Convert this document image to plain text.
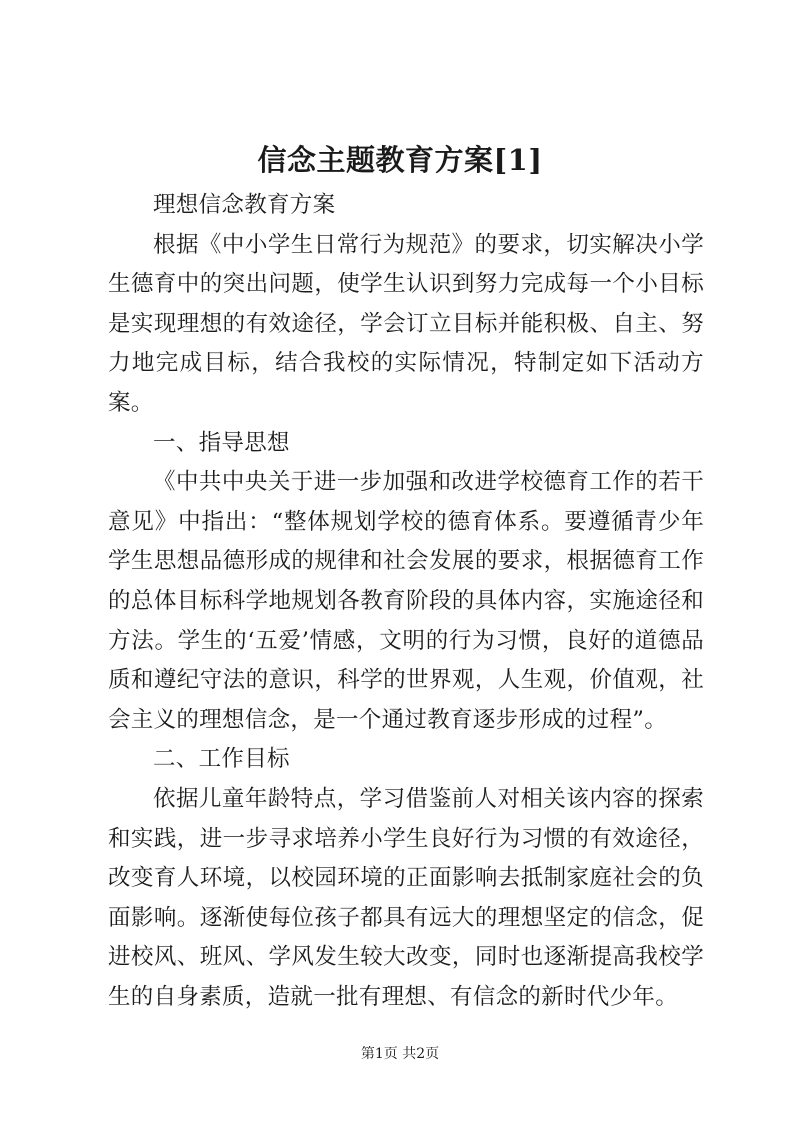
信念主题教育方案[1]

理想信念教育方案

根据《中小学生日常行为规范》的要求，切实解决小学生德育中的突出问题，使学生认识到努力完成每一个小目标是实现理想的有效途径，学会订立目标并能积极、自主、努力地完成目标，结合我校的实际情况，特制定如下活动方案。

一、指导思想

《中共中央关于进一步加强和改进学校德育工作的若干意见》中指出：“整体规划学校的德育体系。要遵循青少年学生思想品德形成的规律和社会发展的要求，根据德育工作的总体目标科学地规划各教育阶段的具体内容，实施途径和方法。学生的‘五爱’情感，文明的行为习惯，良好的道德品质和遵纪守法的意识，科学的世界观，人生观，价值观，社会主义的理想信念，是一个通过教育逐步形成的过程”。

二、工作目标

依据儿童年龄特点，学习借鉴前人对相关该内容的探索和实践，进一步寻求培养小学生良好行为习惯的有效途径，改变育人环境，以校园环境的正面影响去抵制家庭社会的负面影响。逐渐使每位孩子都具有远大的理想坚定的信念，促进校风、班风、学风发生较大改变，同时也逐渐提高我校学生的自身素质，造就一批有理想、有信念的新时代少年。

第1页 共2页
